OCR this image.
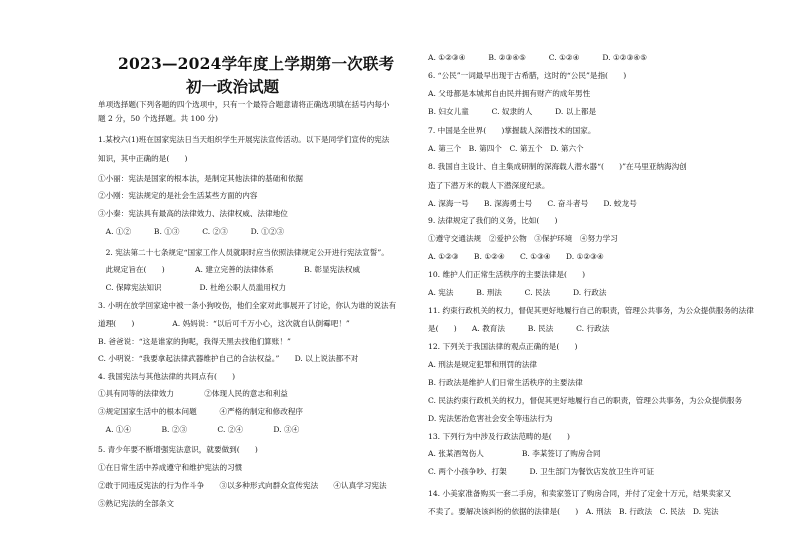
2023—2024学年度上学期第一次联考
初一政治试题
单项选择题(下列各题的四个选项中，只有一个最符合题意请将正确选项填在括号内每小
题 2 分，50 个选择题。共 100 分)
1.某校六(1)班在国家宪法日当天组织学生开展宪法宣传活动。以下是同学们宣传的宪法
知识，其中正确的是(　　)
①小丽：宪法是国家的根本法，是制定其他法律的基础和依据
②小刚：宪法规定的是社会生活某些方面的内容
③小秦：宪法具有最高的法律效力、法律权威、法律地位
　A. ①②　　　B. ①③　　　C. ②③　　　D. ①②③
　2. 宪法第二十七条规定“国家工作人员就职时应当依照法律规定公开进行宪法宣誓”。
　此规定旨在(　　)　　　　A. 建立完善的法律体系　　　　B. 彰显宪法权威
　C. 保障宪法知识　　　　　D. 杜绝公职人员滥用权力
3. 小明在放学回家途中被一条小狗咬伤，他们全家对此事展开了讨论，你认为谁的说法有
道理(　　)　　　　　A. 妈妈说：“以后可千万小心，这次就自认倒霉吧！”
B. 爸爸说：“这是谁家的狗呢，我得天黑去找他们算账！”
C. 小明说：“我要拿起法律武器维护自己的合法权益。”　　D. 以上说法都不对
4. 我国宪法与其他法律的共同点有(　　)
①具有同等的法律效力　　　　②体现人民的意志和利益
③规定国家生活中的根本问题　　　④严格的制定和修改程序
　A. ①④　　　　B. ②③　　　　C. ②④　　　　D. ③④
5. 青少年要不断增强宪法意识，就要做到(　　)
①在日常生活中养成遵守和维护宪法的习惯
②敢于同违反宪法的行为作斗争　　③以多种形式向群众宣传宪法　　④认真学习宪法
⑤熟记宪法的全部条文
A. ①②③④　　　B. ②③④⑤　　　C. ①②④　　　D. ①②③④⑤
6. “公民”一词最早出现于古希腊，这时的“公民”是指(　　)
A. 父母都是本城邦自由民并拥有财产的成年男性
B. 妇女儿童　　　C. 奴隶的人　　　D. 以上都是
7. 中国是全世界(　　)掌握载人深潜技术的国家。
A. 第三个　B. 第四个　C. 第五个　D. 第六个
8. 我国自主设计、自主集成研制的深海载人潜水器“(　　)”在马里亚纳海沟创
造了下潜万米的载人下潜深度纪录。
A. 深海一号　　B. 深海勇士号　　C. 奋斗者号　　D. 蛟龙号
9. 法律规定了我们的义务，比如(　　)
①遵守交通法规　②爱护公物　③保护环境　④努力学习
A. ①②③　　B. ①②④　　C. ①③④　　D. ①②③④
10. 维护人们正常生活秩序的主要法律是(　　)
A. 宪法　　　B. 刑法　　　C. 民法　　　D. 行政法
11. 约束行政机关的权力，督促其更好地履行自己的职责，管理公共事务，为公众提供服务的法律
是(　　)　　A. 教育法　　　B. 民法　　　C. 行政法
12. 下列关于我国法律的观点正确的是(　　)
A. 刑法是规定犯罪和刑罚的法律
B. 行政法是维护人们日常生活秩序的主要法律
C. 民法约束行政机关的权力，督促其更好地履行自己的职责，管理公共事务，为公众提供服务
D. 宪法惩治危害社会安全等违法行为
13. 下列行为中涉及行政法范畴的是(　　)
A. 张某酒驾伤人　　　　　B. 李某签订了购房合同
C. 两个小孩争吵、打架　　　D. 卫生部门为餐饮店发放卫生许可证
14. 小美家准备购买一套二手房，和卖家签订了购房合同，并付了定金十万元，结果卖家又
不卖了。要解决该纠纷的依据的法律是(　　)　A. 刑法　B. 行政法　C. 民法　D. 宪法
